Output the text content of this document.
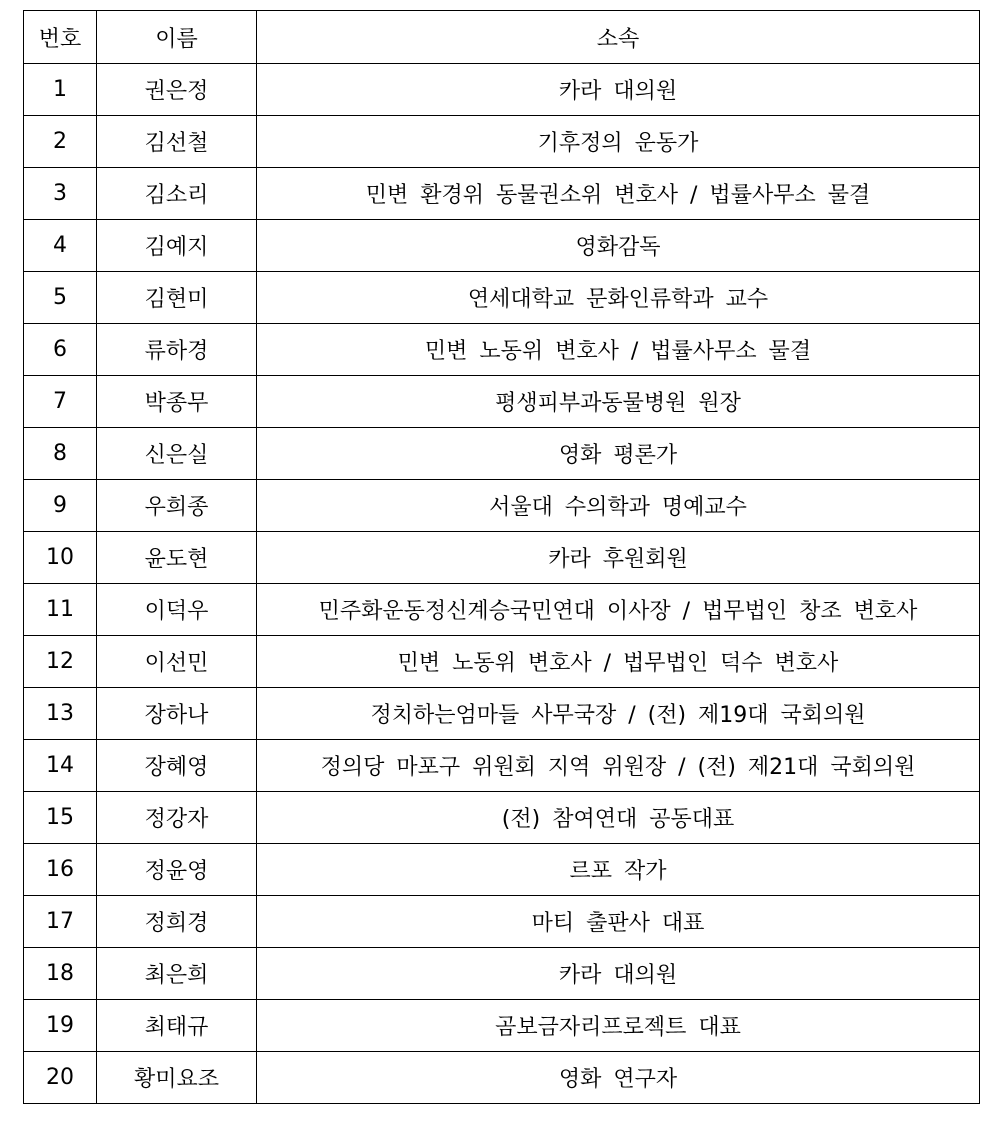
번호	이름	소속
1	권은정	카라 대의원
2	김선철	기후정의 운동가
3	김소리	민변 환경위 동물권소위 변호사 / 법률사무소 물결
4	김예지	영화감독
5	김현미	연세대학교 문화인류학과 교수
6	류하경	민변 노동위 변호사 / 법률사무소 물결
7	박종무	평생피부과동물병원 원장
8	신은실	영화 평론가
9	우희종	서울대 수의학과 명예교수
10	윤도현	카라 후원회원
11	이덕우	민주화운동정신계승국민연대 이사장 / 법무법인 창조 변호사
12	이선민	민변 노동위 변호사 / 법무법인 덕수 변호사
13	장하나	정치하는엄마들 사무국장 / (전) 제19대 국회의원
14	장혜영	정의당 마포구 위원회 지역 위원장 / (전) 제21대 국회의원
15	정강자	(전) 참여연대 공동대표
16	정윤영	르포 작가
17	정희경	마티 출판사 대표
18	최은희	카라 대의원
19	최태규	곰보금자리프로젝트 대표
20	황미요조	영화 연구자
